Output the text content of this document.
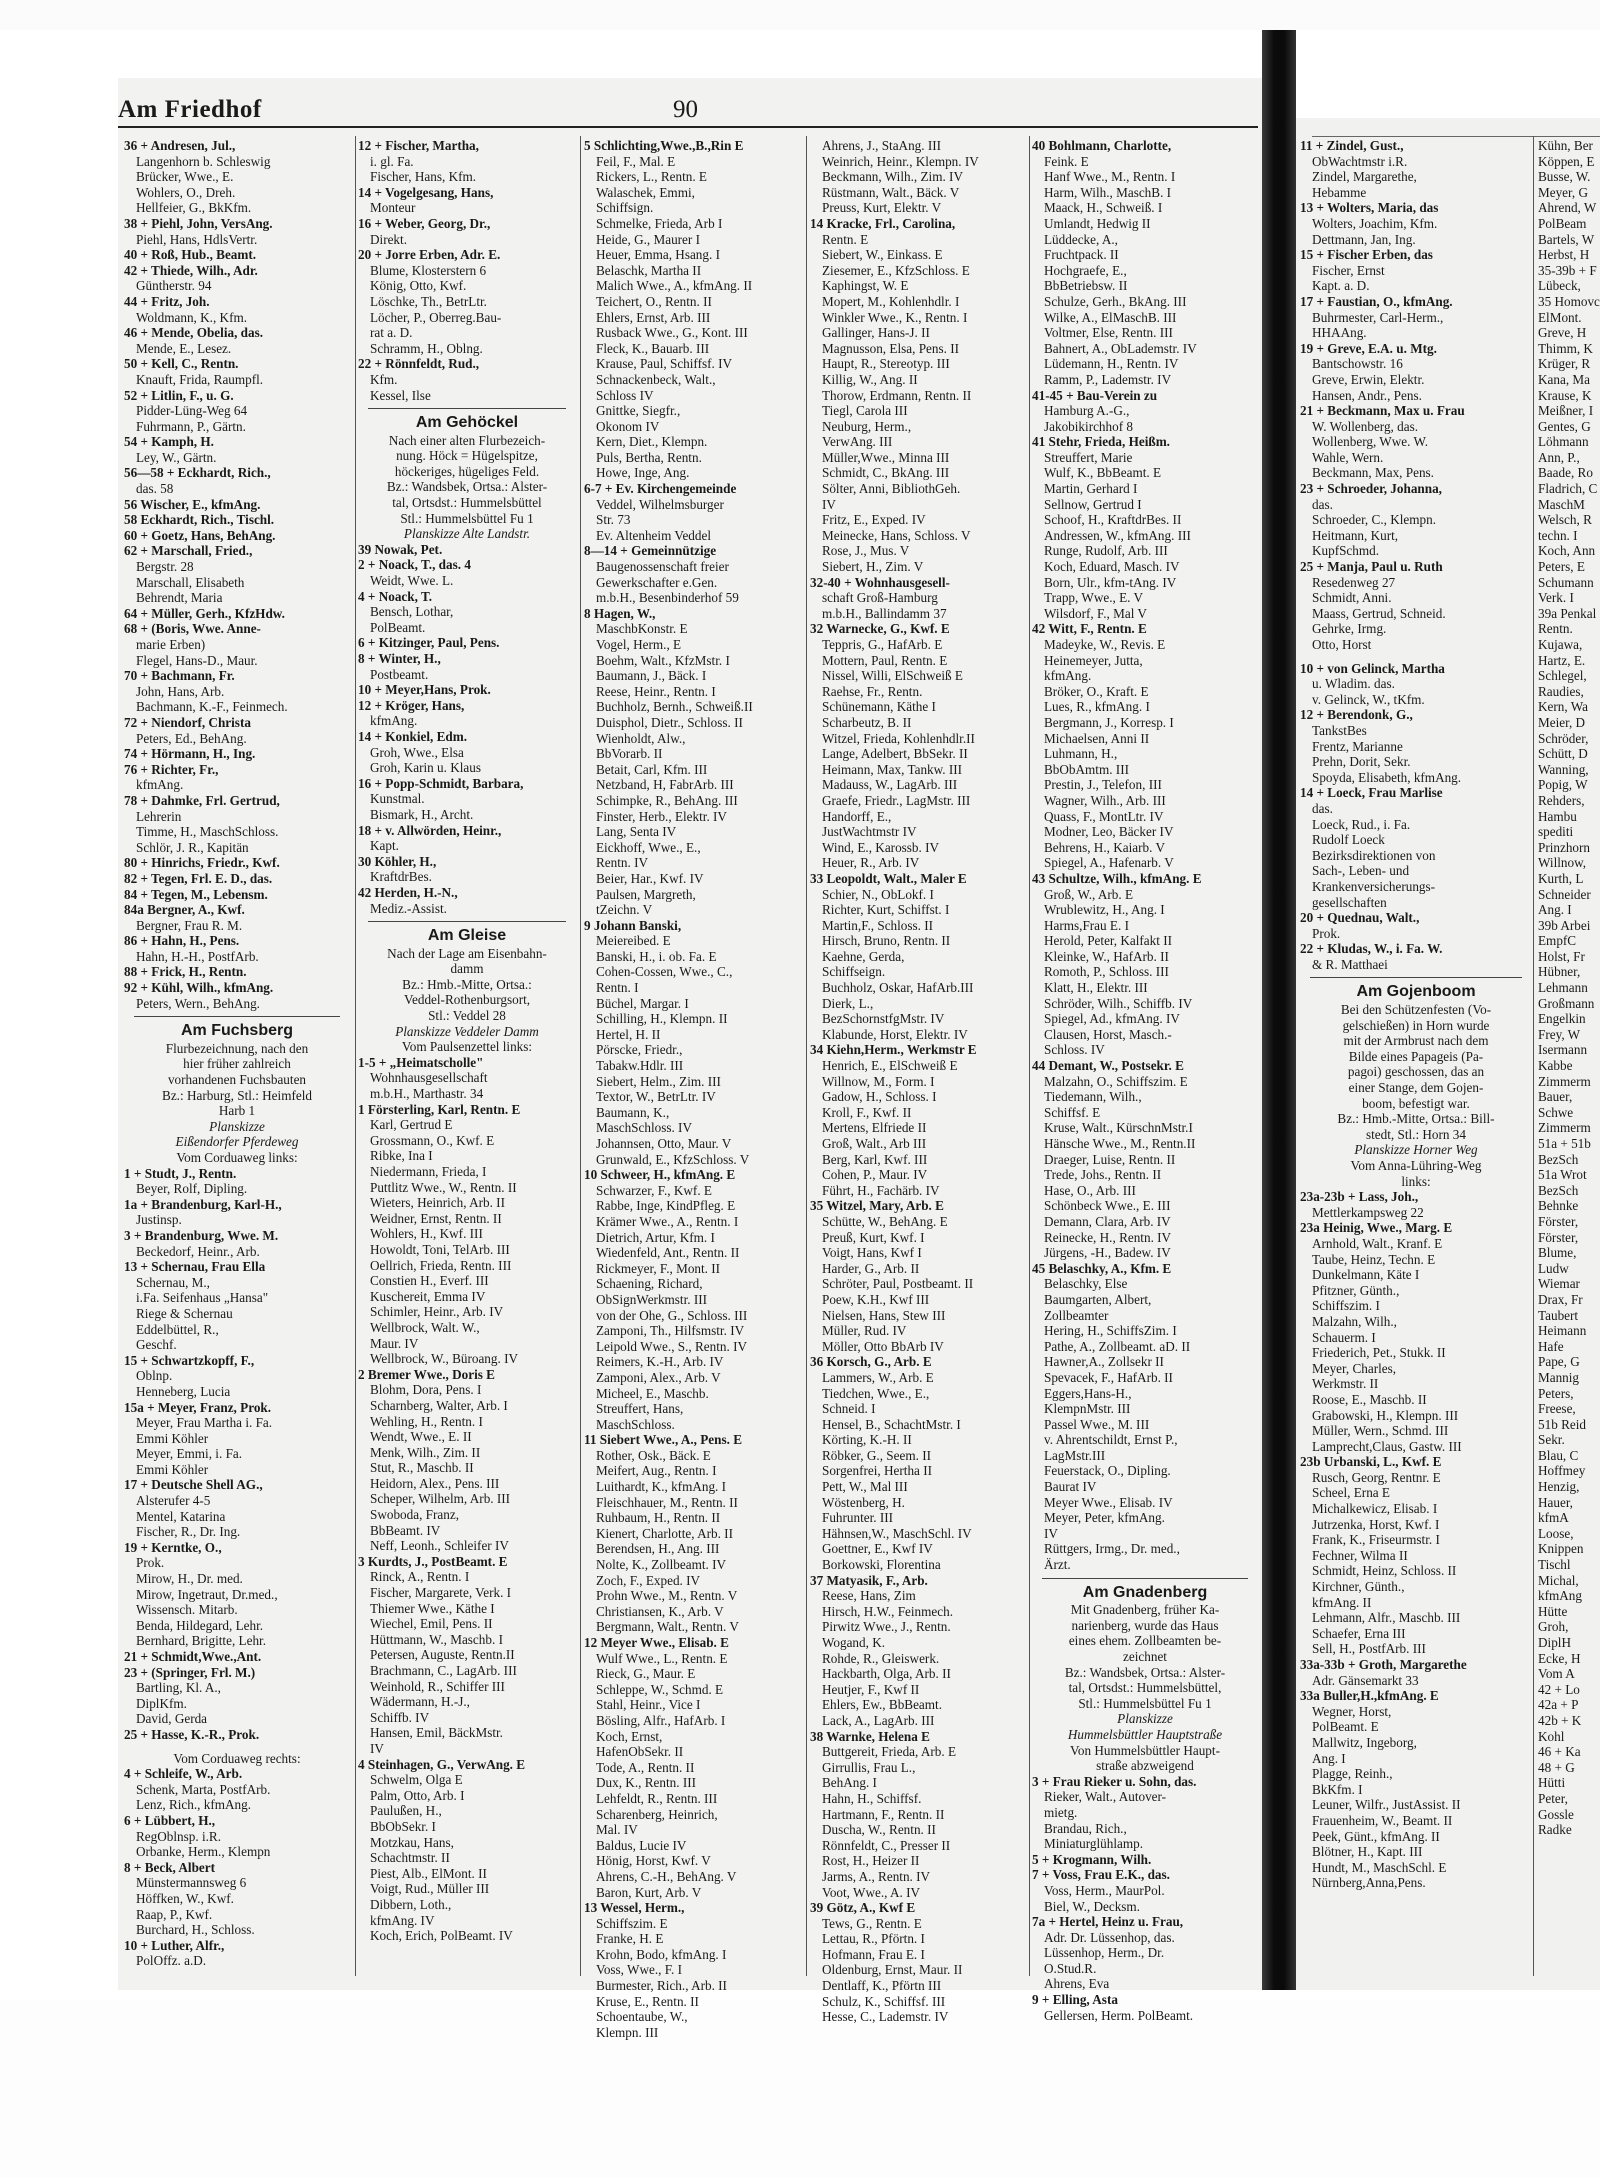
Am Friedhof	90
36 + Andresen, Jul.,
Langenhorn b. Schleswig
Brücker, Wwe., E.
Wohlers, O., Dreh.
Hellfeier, G., BkKfm.
38 + Piehl, John, VersAng.
Piehl, Hans, HdlsVertr.
40 + Roß, Hub., Beamt.
42 + Thiede, Wilh., Adr.
Güntherstr. 94
44 + Fritz, Joh.
Woldmann, K., Kfm.
46 + Mende, Obelia, das.
Mende, E., Lesez.
50 + Kell, C., Rentn.
Knauft, Frida, Raumpfl.
52 + Litlin, F., u. G.
Pidder-Lüng-Weg 64
Fuhrmann, P., Gärtn.
54 + Kamph, H.
Ley, W., Gärtn.
56—58 + Eckhardt, Rich.,
das. 58
56 Wischer, E., kfmAng.
58 Eckhardt, Rich., Tischl.
60 + Goetz, Hans, BehAng.
62 + Marschall, Fried.,
Bergstr. 28
Marschall, Elisabeth
Behrendt, Maria
64 + Müller, Gerh., KfzHdw.
68 + (Boris, Wwe. Anne-
marie Erben)
Flegel, Hans-D., Maur.
70 + Bachmann, Fr.
John, Hans, Arb.
Bachmann, K.-F., Feinmech.
72 + Niendorf, Christa
Peters, Ed., BehAng.
74 + Hörmann, H., Ing.
76 + Richter, Fr.,
kfmAng.
78 + Dahmke, Frl. Gertrud,
Lehrerin
Timme, H., MaschSchloss.
Schlör, J. R., Kapitän
80 + Hinrichs, Friedr., Kwf.
82 + Tegen, Frl. E. D., das.
84 + Tegen, M., Lebensm.
84a Bergner, A., Kwf.
Bergner, Frau R. M.
86 + Hahn, H., Pens.
Hahn, H.-H., PostfArb.
88 + Frick, H., Rentn.
92 + Kühl, Wilh., kfmAng.
Peters, Wern., BehAng.
Am Fuchsberg
Flurbezeichnung, nach den
hier früher zahlreich
vorhandenen Fuchsbauten
Bz.: Harburg, Stl.: Heimfeld
Harb 1
Planskizze
Eißendorfer Pferdeweg
Vom Corduaweg links:
1 + Studt, J., Rentn.
Beyer, Rolf, Dipling.
1a + Brandenburg, Karl-H.,
Justinsp.
3 + Brandenburg, Wwe. M.
Beckedorf, Heinr., Arb.
13 + Schernau, Frau Ella
Schernau, M.,
i.Fa. Seifenhaus „Hansa"
Riege & Schernau
Eddelbüttel, R.,
Geschf.
15 + Schwartzkopff, F.,
Oblnp.
Henneberg, Lucia
15a + Meyer, Franz, Prok.
Meyer, Frau Martha i. Fa.
Emmi Köhler
Meyer, Emmi, i. Fa.
Emmi Köhler
17 + Deutsche Shell AG.,
Alsterufer 4-5
Mentel, Katarina
Fischer, R., Dr. Ing.
19 + Kerntke, O.,
Prok.
Mirow, H., Dr. med.
Mirow, Ingetraut, Dr.med.,
Wissensch. Mitarb.
Benda, Hildegard, Lehr.
Bernhard, Brigitte, Lehr.
21 + Schmidt,Wwe.,Ant.
23 + (Springer, Frl. M.)
Bartling, Kl. A.,
DiplKfm.
David, Gerda
25 + Hasse, K.-R., Prok.
Vom Corduaweg rechts:
4 + Schleife, W., Arb.
Schenk, Marta, PostfArb.
Lenz, Rich., kfmAng.
6 + Lübbert, H.,
RegOblnsp. i.R.
Orbanke, Herm., Klempn
8 + Beck, Albert
Münstermannsweg 6
Höffken, W., Kwf.
Raap, P., Kwf.
Burchard, H., Schloss.
10 + Luther, Alfr.,
PolOffz. a.D.
12 + Fischer, Martha,
i. gl. Fa.
Fischer, Hans, Kfm.
14 + Vogelgesang, Hans,
Monteur
16 + Weber, Georg, Dr.,
Direkt.
20 + Jorre Erben, Adr. E.
Blume, Klosterstern 6
König, Otto, Kwf.
Löschke, Th., BetrLtr.
Löcher, P., Oberreg.Bau-
rat a. D.
Schramm, H., Oblng.
22 + Rönnfeldt, Rud.,
Kfm.
Kessel, Ilse
Am Gehöckel
Nach einer alten Flurbezeich-
nung. Höck = Hügelspitze,
höckeriges, hügeliges Feld.
Bz.: Wandsbek, Ortsa.: Alster-
tal, Ortsdst.: Hummelsbüttel
Stl.: Hummelsbüttel Fu 1
Planskizze Alte Landstr.
39 Nowak, Pet.
2 + Noack, T., das. 4
Weidt, Wwe. L.
4 + Noack, T.
Bensch, Lothar,
PolBeamt.
6 + Kitzinger, Paul, Pens.
8 + Winter, H.,
Postbeamt.
10 + Meyer,Hans, Prok.
12 + Kröger, Hans,
kfmAng.
14 + Konkiel, Edm.
Groh, Wwe., Elsa
Groh, Karin u. Klaus
16 + Popp-Schmidt, Barbara,
Kunstmal.
Bismark, H., Archt.
18 + v. Allwörden, Heinr.,
Kapt.
30 Köhler, H.,
KraftdrBes.
42 Herden, H.-N.,
Mediz.-Assist.
Am Gleise
Nach der Lage am Eisenbahn-
damm
Bz.: Hmb.-Mitte, Ortsa.:
Veddel-Rothenburgsort,
Stl.: Veddel 28
Planskizze Veddeler Damm
Vom Paulsenzettel links:
1-5 + „Heimatscholle"
Wohnhausgesellschaft
m.b.H., Marthastr. 34
1 Försterling, Karl, Rentn. E
Karl, Gertrud E
Grossmann, O., Kwf. E
Ribke, Ina I
Niedermann, Frieda, I
Puttlitz Wwe., W., Rentn. II
Wieters, Heinrich, Arb. II
Weidner, Ernst, Rentn. II
Wohlers, H., Kwf. III
Howoldt, Toni, TelArb. III
Oellrich, Frieda, Rentn. III
Constien H., Everf. III
Kuschereit, Emma IV
Schimler, Heinr., Arb. IV
Wellbrock, Walt. W.,
Maur. IV
Wellbrock, W., Büroang. IV
2 Bremer Wwe., Doris E
Blohm, Dora, Pens. I
Scharnberg, Walter, Arb. I
Wehling, H., Rentn. I
Wendt, Wwe., E. II
Menk, Wilh., Zim. II
Stut, R., Maschb. II
Heidorn, Alex., Pens. III
Scheper, Wilhelm, Arb. III
Swoboda, Franz,
BbBeamt. IV
Neff, Leonh., Schleifer IV
3 Kurdts, J., PostBeamt. E
Rinck, A., Rentn. I
Fischer, Margarete, Verk. I
Thiemer Wwe., Käthe I
Wiechel, Emil, Pens. II
Hüttmann, W., Maschb. I
Petersen, Auguste, Rentn.II
Brachmann, C., LagArb. III
Weinhold, R., Schiffer III
Wädermann, H.-J.,
Schiffb. IV
Hansen, Emil, BäckMstr.
IV
4 Steinhagen, G., VerwAng. E
Schwelm, Olga E
Palm, Otto, Arb. I
Paulußen, H.,
BbObSekr. I
Motzkau, Hans,
Schachtmstr. II
Piest, Alb., ElMont. II
Voigt, Rud., Müller III
Dibbern, Loth.,
kfmAng. IV
Koch, Erich, PolBeamt. IV
5 Schlichting,Wwe.,B.,Rin E
Feil, F., Mal. E
Rickers, L., Rentn. E
Walaschek, Emmi,
Schiffsign.
Schmelke, Frieda, Arb I
Heide, G., Maurer I
Heuer, Emma, Hsang. I
Belaschk, Martha II
Malich Wwe., A., kfmAng. II
Teichert, O., Rentn. II
Ehlers, Ernst, Arb. III
Rusback Wwe., G., Kont. III
Fleck, K., Bauarb. III
Krause, Paul, Schiffsf. IV
Schnackenbeck, Walt.,
Schloss IV
Gnittke, Siegfr.,
Okonom IV
Kern, Diet., Klempn.
Puls, Bertha, Rentn.
Howe, Inge, Ang.
6-7 + Ev. Kirchengemeinde
Veddel, Wilhelmsburger
Str. 73
Ev. Altenheim Veddel
8—14 + Gemeinnützige
Baugenossenschaft freier
Gewerkschafter e.Gen.
m.b.H., Besenbinderhof 59
8 Hagen, W.,
MaschbKonstr. E
Vogel, Herm., E
Boehm, Walt., KfzMstr. I
Baumann, J., Bäck. I
Reese, Heinr., Rentn. I
Buchholz, Bernh., Schweiß.II
Duisphol, Dietr., Schloss. II
Wienholdt, Alw.,
BbVorarb. II
Betait, Carl, Kfm. III
Netzband, H, FabrArb. III
Schimpke, R., BehAng. III
Finster, Herb., Elektr. IV
Lang, Senta IV
Eickhoff, Wwe., E.,
Rentn. IV
Beier, Har., Kwf. IV
Paulsen, Margreth,
tZeichn. V
9 Johann Banski,
Meiereibed. E
Banski, H., i. ob. Fa. E
Cohen-Cossen, Wwe., C.,
Rentn. I
Büchel, Margar. I
Schilling, H., Klempn. II
Hertel, H. II
Pörscke, Friedr.,
Tabakw.Hdlr. III
Siebert, Helm., Zim. III
Textor, W., BetrLtr. IV
Baumann, K.,
MaschSchloss. IV
Johannsen, Otto, Maur. V
Grunwald, E., KfzSchloss. V
10 Schweer, H., kfmAng. E
Schwarzer, F., Kwf. E
Rabbe, Inge, KindPfleg. E
Krämer Wwe., A., Rentn. I
Dietrich, Artur, Kfm. I
Wiedenfeld, Ant., Rentn. II
Rickmeyer, F., Mont. II
Schaening, Richard,
ObSignWerkmstr. III
von der Ohe, G., Schloss. III
Zamponi, Th., Hilfsmstr. IV
Leipold Wwe., S., Rentn. IV
Reimers, K.-H., Arb. IV
Zamponi, Alex., Arb. V
Micheel, E., Maschb.
Streuffert, Hans,
MaschSchloss.
11 Siebert Wwe., A., Pens. E
Rother, Osk., Bäck. E
Meifert, Aug., Rentn. I
Luithardt, K., kfmAng. I
Fleischhauer, M., Rentn. II
Ruhbaum, H., Rentn. II
Kienert, Charlotte, Arb. II
Berendsen, H., Ang. III
Nolte, K., Zollbeamt. IV
Zoch, F., Exped. IV
Prohn Wwe., M., Rentn. V
Christiansen, K., Arb. V
Bergmann, Walt., Rentn. V
12 Meyer Wwe., Elisab. E
Wulf Wwe., L., Rentn. E
Rieck, G., Maur. E
Schleppe, W., Schmd. E
Stahl, Heinr., Vice I
Bösling, Alfr., HafArb. I
Koch, Ernst,
HafenObSekr. II
Tode, A., Rentn. II
Dux, K., Rentn. III
Lehfeldt, R., Rentn. III
Scharenberg, Heinrich,
Mal. IV
Baldus, Lucie IV
Hönig, Horst, Kwf. V
Ahrens, C.-H., BehAng. V
Baron, Kurt, Arb. V
13 Wessel, Herm.,
Schiffszim. E
Franke, H. E
Krohn, Bodo, kfmAng. I
Voss, Wwe., F. I
Burmester, Rich., Arb. II
Kruse, E., Rentn. II
Schoentaube, W.,
Klempn. III
Ahrens, J., StaAng. III
Weinrich, Heinr., Klempn. IV
Beckmann, Wilh., Zim. IV
Rüstmann, Walt., Bäck. V
Preuss, Kurt, Elektr. V
14 Kracke, Frl., Carolina,
Rentn. E
Siebert, W., Einkass. E
Ziesemer, E., KfzSchloss. E
Kaphingst, W. E
Mopert, M., Kohlenhdlr. I
Winkler Wwe., K., Rentn. I
Gallinger, Hans-J. II
Magnusson, Elsa, Pens. II
Haupt, R., Stereotyp. III
Killig, W., Ang. II
Thorow, Erdmann, Rentn. II
Tiegl, Carola III
Neuburg, Herm.,
VerwAng. III
Müller,Wwe., Minna III
Schmidt, C., BkAng. III
Sölter, Anni, BibliothGeh.
IV
Fritz, E., Exped. IV
Meinecke, Hans, Schloss. V
Rose, J., Mus. V
Siebert, H., Zim. V
32-40 + Wohnhausgesell-
schaft Groß-Hamburg
m.b.H., Ballindamm 37
32 Warnecke, G., Kwf. E
Teppris, G., HafArb. E
Mottern, Paul, Rentn. E
Nissel, Willi, ElSchweiß E
Raehse, Fr., Rentn.
Schünemann, Käthe I
Scharbeutz, B. II
Witzel, Frieda, Kohlenhdlr.II
Lange, Adelbert, BbSekr. II
Heimann, Max, Tankw. III
Madauss, W., LagArb. III
Graefe, Friedr., LagMstr. III
Handorff, E.,
JustWachtmstr IV
Wind, E., Karossb. IV
Heuer, R., Arb. IV
33 Leopoldt, Walt., Maler E
Schier, N., ObLokf. I
Richter, Kurt, Schiffst. I
Martin,F., Schloss. II
Hirsch, Bruno, Rentn. II
Kaehne, Gerda,
Schiffseign.
Buchholz, Oskar, HafArb.III
Dierk, L.,
BezSchornstfgMstr. IV
Klabunde, Horst, Elektr. IV
34 Kiehn,Herm., Werkmstr E
Henrich, E., ElSchweiß E
Willnow, M., Form. I
Gadow, H., Schloss. I
Kroll, F., Kwf. II
Mertens, Elfriede II
Groß, Walt., Arb III
Berg, Karl, Kwf. III
Cohen, P., Maur. IV
Führt, H., Fachärb. IV
35 Witzel, Mary, Arb. E
Schütte, W., BehAng. E
Preuß, Kurt, Kwf. I
Voigt, Hans, Kwf I
Harder, G., Arb. II
Schröter, Paul, Postbeamt. II
Poew, K.H., Kwf III
Nielsen, Hans, Stew III
Müller, Rud. IV
Möller, Otto BbArb IV
36 Korsch, G., Arb. E
Lammers, W., Arb. E
Tiedchen, Wwe., E.,
Schneid. I
Hensel, B., SchachtMstr. I
Körting, K.-H. II
Röbker, G., Seem. II
Sorgenfrei, Hertha II
Pett, W., Mal III
Wöstenberg, H.
Fuhrunter. III
Hähnsen,W., MaschSchl. IV
Goettner, E., Kwf IV
Borkowski, Florentina
37 Matyasik, F., Arb.
Reese, Hans, Zim
Hirsch, H.W., Feinmech.
Pirwitz Wwe., J., Rentn.
Wogand, K.
Rohde, R., Gleiswerk.
Hackbarth, Olga, Arb. II
Heutjer, F., Kwf II
Ehlers, Ew., BbBeamt.
Lack, A., LagArb. III
38 Warnke, Helena E
Buttgereit, Frieda, Arb. E
Girrullis, Frau L.,
BehAng. I
Hahn, H., Schiffsf.
Hartmann, F., Rentn. II
Duscha, W., Rentn. II
Rönnfeldt, C., Presser II
Rost, H., Heizer II
Jarms, A., Rentn. IV
Voot, Wwe., A. IV
39 Götz, A., Kwf E
Tews, G., Rentn. E
Lettau, R., Pförtn. I
Hofmann, Frau E. I
Oldenburg, Ernst, Maur. II
Dentlaff, K., Pförtn III
Schulz, K., Schiffsf. III
Hesse, C., Lademstr. IV
40 Bohlmann, Charlotte,
Feink. E
Hanf Wwe., M., Rentn. I
Harm, Wilh., MaschB. I
Maack, H., Schweiß. I
Umlandt, Hedwig II
Lüddecke, A.,
Fruchtpack. II
Hochgraefe, E.,
BbBetriebsw. II
Schulze, Gerh., BkAng. III
Wilke, A., ElMaschB. III
Voltmer, Else, Rentn. III
Bahnert, A., ObLademstr. IV
Lüdemann, H., Rentn. IV
Ramm, P., Lademstr. IV
41-45 + Bau-Verein zu
Hamburg A.-G.,
Jakobikirchhof 8
41 Stehr, Frieda, Heißm.
Streuffert, Marie
Wulf, K., BbBeamt. E
Martin, Gerhard I
Sellnow, Gertrud I
Schoof, H., KraftdrBes. II
Andressen, W., kfmAng. III
Runge, Rudolf, Arb. III
Koch, Eduard, Masch. IV
Born, Ulr., kfm-tAng. IV
Trapp, Wwe., E. V
Wilsdorf, F., Mal V
42 Witt, F., Rentn. E
Madeyke, W., Revis. E
Heinemeyer, Jutta,
kfmAng.
Bröker, O., Kraft. E
Lues, R., kfmAng. I
Bergmann, J., Korresp. I
Michaelsen, Anni II
Luhmann, H.,
BbObAmtm. III
Prestin, J., Telefon, III
Wagner, Wilh., Arb. III
Quass, F., MontLtr. IV
Modner, Leo, Bäcker IV
Behrens, H., Kaiarb. V
Spiegel, A., Hafenarb. V
43 Schultze, Wilh., kfmAng. E
Groß, W., Arb. E
Wrublewitz, H., Ang. I
Harms,Frau E. I
Herold, Peter, Kalfakt II
Kleinke, W., HafArb. II
Romoth, P., Schloss. III
Klatt, H., Elektr. III
Schröder, Wilh., Schiffb. IV
Spiegel, Ad., kfmAng. IV
Clausen, Horst, Masch.-
Schloss. IV
44 Demant, W., Postsekr. E
Malzahn, O., Schiffszim. E
Tiedemann, Wilh.,
Schiffsf. E
Kruse, Walt., KürschnMstr.I
Hänsche Wwe., M., Rentn.II
Draeger, Luise, Rentn. II
Trede, Johs., Rentn. II
Hase, O., Arb. III
Schönbeck Wwe., E. III
Demann, Clara, Arb. IV
Reinecke, H., Rentn. IV
Jürgens, -H., Badew. IV
45 Belaschky, A., Kfm. E
Belaschky, Else
Baumgarten, Albert,
Zollbeamter
Hering, H., SchiffsZim. I
Pathe, A., Zollbeamt. aD. II
Hawner,A., Zollsekr II
Spevacek, F., HafArb. II
Eggers,Hans-H.,
KlempnMstr. III
Passel Wwe., M. III
v. Ahrentschildt, Ernst P.,
LagMstr.III
Feuerstack, O., Dipling.
Baurat IV
Meyer Wwe., Elisab. IV
Meyer, Peter, kfmAng.
IV
Rüttgers, Irmg., Dr. med.,
Ärzt.
Am Gnadenberg
Mit Gnadenberg, früher Ka-
narienberg, wurde das Haus
eines ehem. Zollbeamten be-
zeichnet
Bz.: Wandsbek, Ortsa.: Alster-
tal, Ortsdst.: Hummelsbüttel,
Stl.: Hummelsbüttel Fu 1
Planskizze
Hummelsbüttler Hauptstraße
Von Hummelsbüttler Haupt-
straße abzweigend
3 + Frau Rieker u. Sohn, das.
Rieker, Walt., Autover-
mietg.
Brandau, Rich.,
Miniaturglühlamp.
5 + Krogmann, Wilh.
7 + Voss, Frau E.K., das.
Voss, Herm., MaurPol.
Biel, W., Decksm.
7a + Hertel, Heinz u. Frau,
Adr. Dr. Lüssenhop, das.
Lüssenhop, Herm., Dr.
O.Stud.R.
Ahrens, Eva
9 + Elling, Asta
Gellersen, Herm. PolBeamt.
11 + Zindel, Gust.,
ObWachtmstr i.R.
Zindel, Margarethe,
Hebamme
13 + Wolters, Maria, das
Wolters, Joachim, Kfm.
Dettmann, Jan, Ing.
15 + Fischer Erben, das
Fischer, Ernst
Kapt. a. D.
17 + Faustian, O., kfmAng.
Buhrmester, Carl-Herm.,
HHAAng.
19 + Greve, E.A. u. Mtg.
Bantschowstr. 16
Greve, Erwin, Elektr.
Hansen, Andr., Pens.
21 + Beckmann, Max u. Frau
W. Wollenberg, das.
Wollenberg, Wwe. W.
Wahle, Wern.
Beckmann, Max, Pens.
23 + Schroeder, Johanna,
das.
Schroeder, C., Klempn.
Heitmann, Kurt,
KupfSchmd.
25 + Manja, Paul u. Ruth
Resedenweg 27
Schmidt, Anni.
Maass, Gertrud, Schneid.
Gehrke, Irmg.
Otto, Horst
10 + von Gelinck, Martha
u. Wladim. das.
v. Gelinck, W., tKfm.
12 + Berendonk, G.,
TankstBes
Frentz, Marianne
Prehn, Dorit, Sekr.
Spoyda, Elisabeth, kfmAng.
14 + Loeck, Frau Marlise
das.
Loeck, Rud., i. Fa.
Rudolf Loeck
Bezirksdirektionen von
Sach-, Leben- und
Krankenversicherungs-
gesellschaften
20 + Quednau, Walt.,
Prok.
22 + Kludas, W., i. Fa. W.
& R. Matthaei
Am Gojenboom
Bei den Schützenfesten (Vo-
gelschießen) in Horn wurde
mit der Armbrust nach dem
Bilde eines Papageis (Pa-
pagoi) geschossen, das an
einer Stange, dem Gojen-
boom, befestigt war.
Bz.: Hmb.-Mitte, Ortsa.: Bill-
stedt, Stl.: Horn 34
Planskizze Horner Weg
Vom Anna-Lühring-Weg
links:
23a-23b + Lass, Joh.,
Mettlerkampsweg 22
23a Heinig, Wwe., Marg. E
Arnhold, Walt., Kranf. E
Taube, Heinz, Techn. E
Dunkelmann, Käte I
Pfitzner, Günth.,
Schiffszim. I
Malzahn, Wilh.,
Schauerm. I
Friederich, Pet., Stukk. II
Meyer, Charles,
Werkmstr. II
Roose, E., Maschb. II
Grabowski, H., Klempn. III
Müller, Wern., Schmd. III
Lamprecht,Claus, Gastw. III
23b Urbanski, L., Kwf. E
Rusch, Georg, Rentnr. E
Scheel, Erna E
Michalkewicz, Elisab. I
Jutrzenka, Horst, Kwf. I
Frank, K., Friseurmstr. I
Fechner, Wilma II
Schmidt, Heinz, Schloss. II
Kirchner, Günth.,
kfmAng. II
Lehmann, Alfr., Maschb. III
Schaefer, Erna III
Sell, H., PostfArb. III
33a-33b + Groth, Margarethe
Adr. Gänsemarkt 33
33a Buller,H.,kfmAng. E
Wegner, Horst,
PolBeamt. E
Mallwitz, Ingeborg,
Ang. I
Plagge, Reinh.,
BkKfm. I
Leuner, Wilfr., JustAssist. II
Frauenheim, W., Beamt. II
Peek, Günt., kfmAng. II
Blötner, H., Kapt. III
Hundt, M., MaschSchl. E
Nürnberg,Anna,Pens.
Kühn, Ber
Köppen, E
Busse, W.
Meyer, G
Ahrend, W
PolBeam
Bartels, W
Herbst, H
35-39b + F
Lübeck,
35 Homovc
ElMont.
Greve, H
Thimm, K
Krüger, R
Kana, Ma
Krause, K
Meißner, I
Gentes, G
Löhmann
Ann, P.,
Baade, Ro
Fladrich, C
MaschM
Welsch, R
techn. I
Koch, Ann
Peters, E
Schumann
Verk. I
39a Penkal
Rentn.
Kujawa,
Hartz, E.
Schlegel,
Raudies,
Kern, Wa
Meier, D
Schröder,
Schütt, D
Wanning,
Popig, W
Rehders,
Hambu
spediti
Prinzhorn
Willnow,
Kurth, L
Schneider
Ang. I
39b Arbei
EmpfC
Holst, Fr
Hübner,
Lehmann
Großmann
Engelkin
Frey, W
Isermann
Kabbe
Zimmerm
Bauer,
Schwe
Zimmerm
51a + 51b
BezSch
51a Wrot
BezSch
Behnke
Förster,
Förster,
Blume,
Ludw
Wiemar
Drax, Fr
Taubert
Heimann
Hafe
Pape, G
Mannig
Peters,
Freese,
51b Reid
Sekr.
Blau, C
Hoffmey
Henzig,
Hauer,
kfmA
Loose,
Knippen
Tischl
Michal,
kfmAng
Hütte
Groh,
DiplH
Ecke, H
Vom A
42 + Lo
42a + P
42b + K
Kohl
46 + Ka
48 + G
Hütti
Peter,
Gossle
Radke
